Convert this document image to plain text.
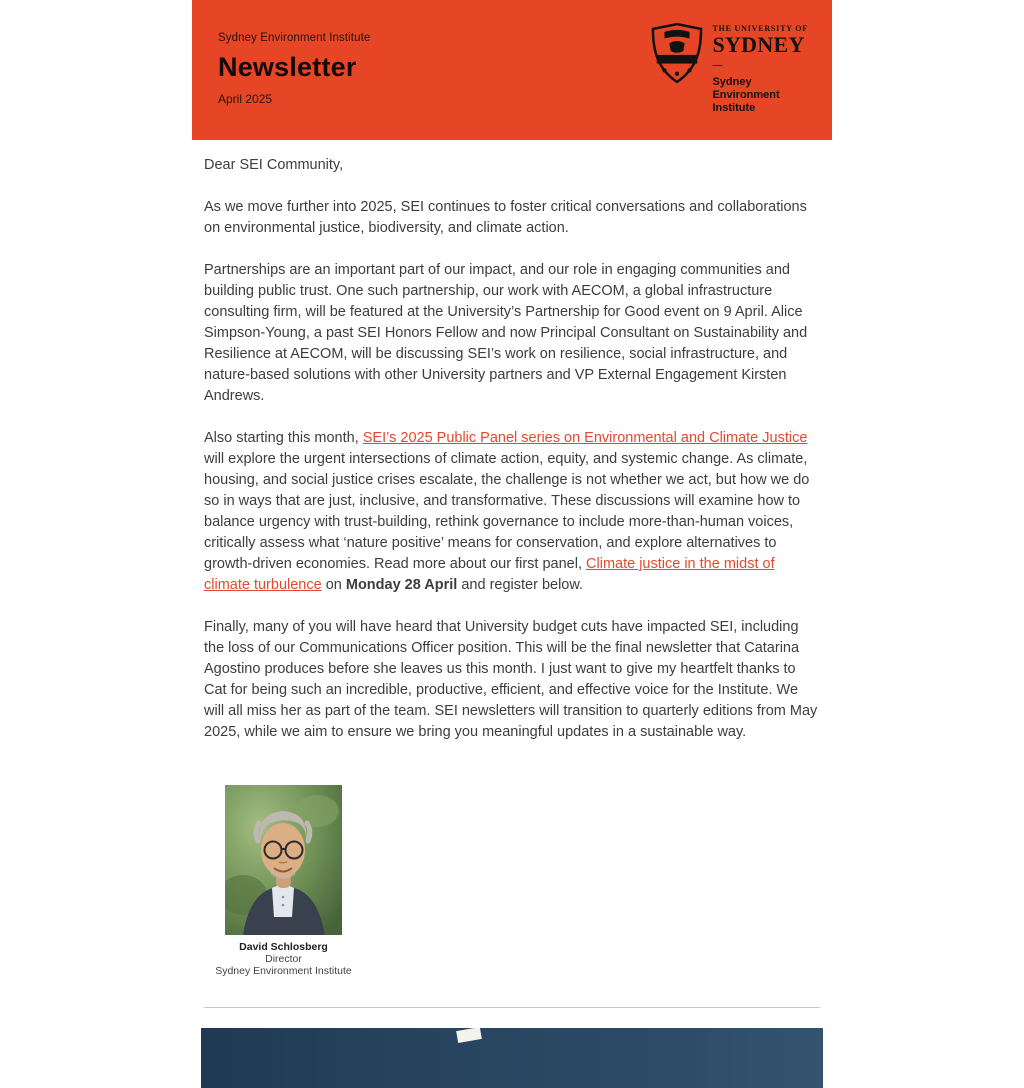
Sydney Environment Institute
Newsletter
April 2025
THE UNIVERSITY OF
SYDNEY
—
Sydney
Environment
Institute

Dear SEI Community,

As we move further into 2025, SEI continues to foster critical conversations and collaborations on environmental justice, biodiversity, and climate action.

Partnerships are an important part of our impact, and our role in engaging communities and building public trust. One such partnership, our work with AECOM, a global infrastructure consulting firm, will be featured at the University’s Partnership for Good event on 9 April. Alice Simpson-Young, a past SEI Honors Fellow and now Principal Consultant on Sustainability and Resilience at AECOM, will be discussing SEI’s work on resilience, social infrastructure, and nature-based solutions with other University partners and VP External Engagement Kirsten Andrews.

Also starting this month, SEI’s 2025 Public Panel series on Environmental and Climate Justice will explore the urgent intersections of climate action, equity, and systemic change. As climate, housing, and social justice crises escalate, the challenge is not whether we act, but how we do so in ways that are just, inclusive, and transformative. These discussions will examine how to balance urgency with trust-building, rethink governance to include more-than-human voices, critically assess what ‘nature positive’ means for conservation, and explore alternatives to growth-driven economies. Read more about our first panel, Climate justice in the midst of climate turbulence on Monday 28 April and register below.

Finally, many of you will have heard that University budget cuts have impacted SEI, including the loss of our Communications Officer position. This will be the final newsletter that Catarina Agostino produces before she leaves us this month. I just want to give my heartfelt thanks to Cat for being such an incredible, productive, efficient, and effective voice for the Institute. We will all miss her as part of the team. SEI newsletters will transition to quarterly editions from May 2025, while we aim to ensure we bring you meaningful updates in a sustainable way.

David Schlosberg
Director
Sydney Environment Institute
